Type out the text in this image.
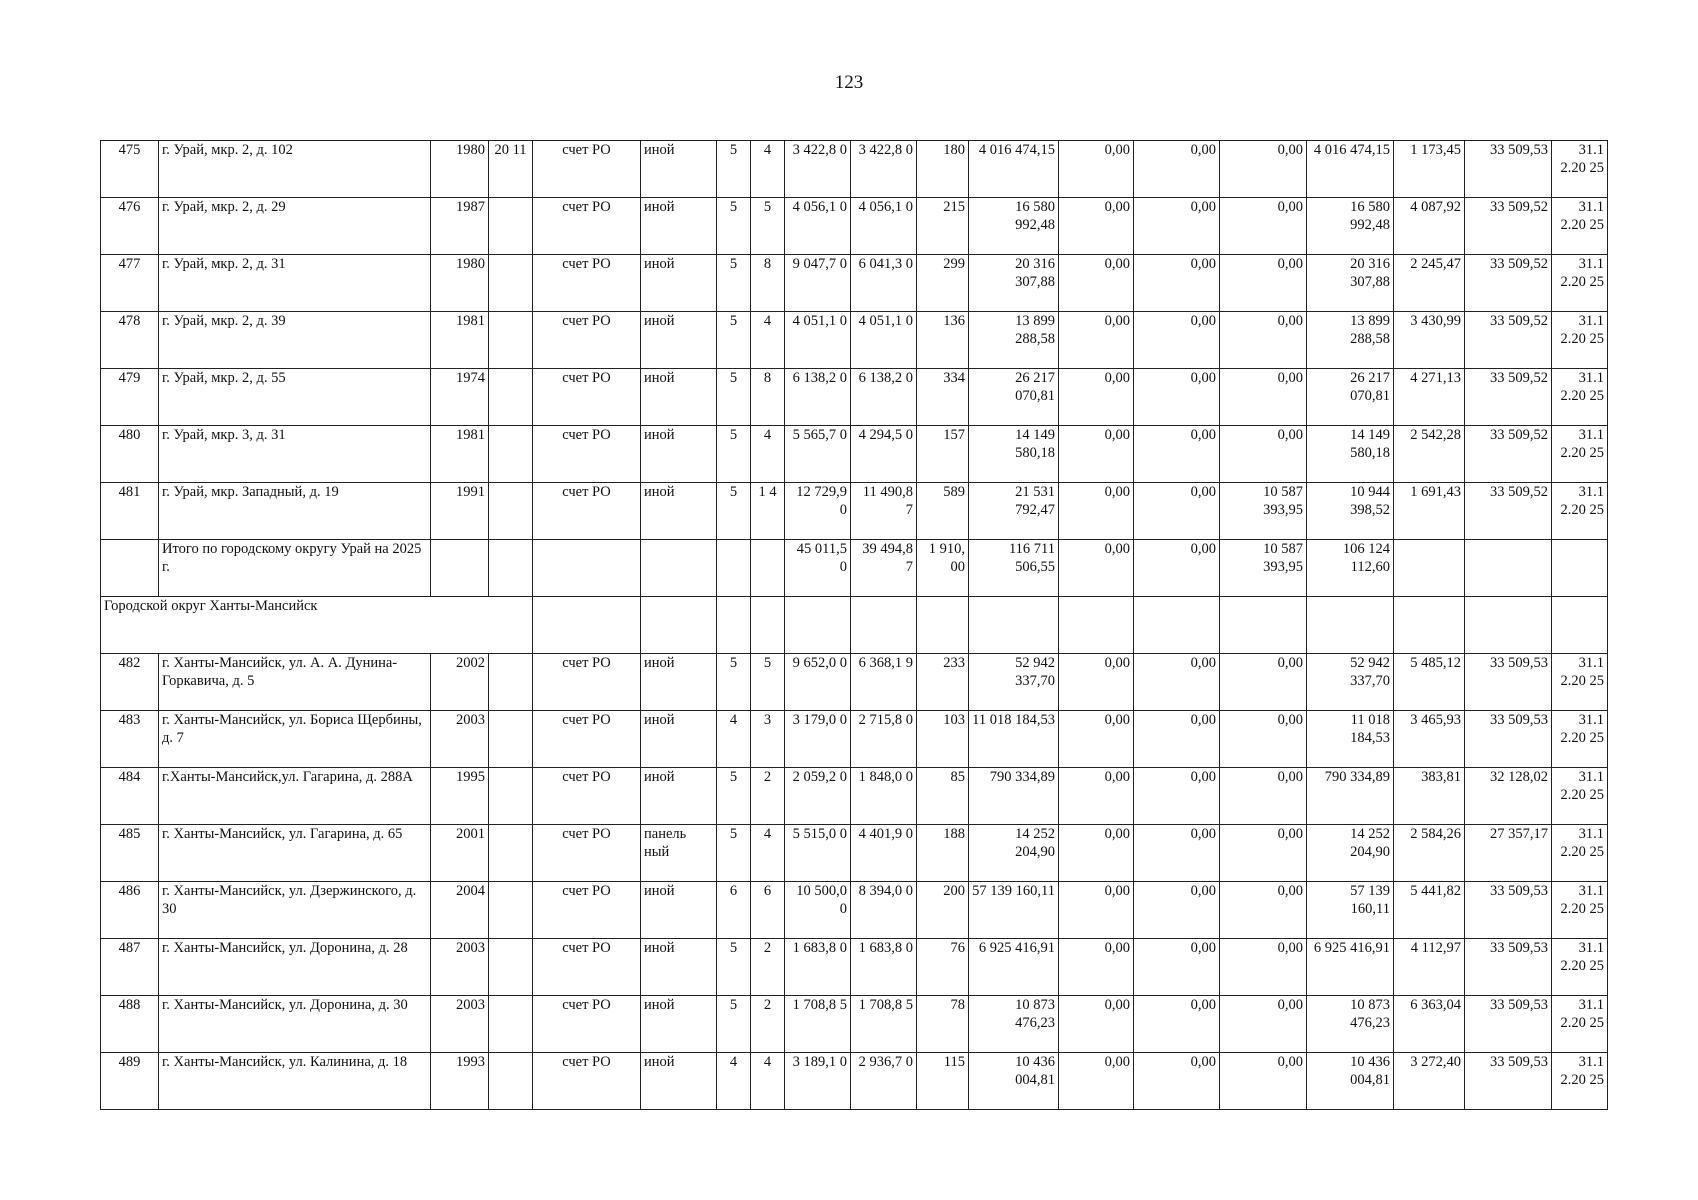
123
475	г. Урай, мкр. 2, д. 102	1980	20 11	счет РО	иной	5	4	3 422,8 0	3 422,8 0	180	4 016 474,15	0,00	0,00	0,00	4 016 474,15	1 173,45	33 509,53	31.1 2.20 25
476	г. Урай, мкр. 2, д. 29	1987		счет РО	иной	5	5	4 056,1 0	4 056,1 0	215	16 580 992,48	0,00	0,00	0,00	16 580 992,48	4 087,92	33 509,52	31.1 2.20 25
477	г. Урай, мкр. 2, д. 31	1980		счет РО	иной	5	8	9 047,7 0	6 041,3 0	299	20 316 307,88	0,00	0,00	0,00	20 316 307,88	2 245,47	33 509,52	31.1 2.20 25
478	г. Урай, мкр. 2, д. 39	1981		счет РО	иной	5	4	4 051,1 0	4 051,1 0	136	13 899 288,58	0,00	0,00	0,00	13 899 288,58	3 430,99	33 509,52	31.1 2.20 25
479	г. Урай, мкр. 2, д. 55	1974		счет РО	иной	5	8	6 138,2 0	6 138,2 0	334	26 217 070,81	0,00	0,00	0,00	26 217 070,81	4 271,13	33 509,52	31.1 2.20 25
480	г. Урай, мкр. 3, д. 31	1981		счет РО	иной	5	4	5 565,7 0	4 294,5 0	157	14 149 580,18	0,00	0,00	0,00	14 149 580,18	2 542,28	33 509,52	31.1 2.20 25
481	г. Урай, мкр. Западный, д. 19	1991		счет РО	иной	5	1 4	12 729,9 0	11 490,8 7	589	21 531 792,47	0,00	0,00	10 587 393,95	10 944 398,52	1 691,43	33 509,52	31.1 2.20 25
	Итого по городскому округу Урай на 2025 г.							45 011,5 0	39 494,8 7	1 910, 00	116 711 506,55	0,00	0,00	10 587 393,95	106 124 112,60			
Городской округ Ханты-Мансийск																		
482	г. Ханты-Мансийск, ул. А. А. Дунина-Горкавича, д. 5	2002		счет РО	иной	5	5	9 652,0 0	6 368,1 9	233	52 942 337,70	0,00	0,00	0,00	52 942 337,70	5 485,12	33 509,53	31.1 2.20 25
483	г. Ханты-Мансийск, ул. Бориса Щербины, д. 7	2003		счет РО	иной	4	3	3 179,0 0	2 715,8 0	103	11 018 184,53	0,00	0,00	0,00	11 018 184,53	3 465,93	33 509,53	31.1 2.20 25
484	г.Ханты-Мансийск,ул. Гагарина, д. 288А	1995		счет РО	иной	5	2	2 059,2 0	1 848,0 0	85	790 334,89	0,00	0,00	0,00	790 334,89	383,81	32 128,02	31.1 2.20 25
485	г. Ханты-Мансийск, ул. Гагарина, д. 65	2001		счет РО	панель ный	5	4	5 515,0 0	4 401,9 0	188	14 252 204,90	0,00	0,00	0,00	14 252 204,90	2 584,26	27 357,17	31.1 2.20 25
486	г. Ханты-Мансийск, ул. Дзержинского, д. 30	2004		счет РО	иной	6	6	10 500,0 0	8 394,0 0	200	57 139 160,11	0,00	0,00	0,00	57 139 160,11	5 441,82	33 509,53	31.1 2.20 25
487	г. Ханты-Мансийск, ул. Доронина, д. 28	2003		счет РО	иной	5	2	1 683,8 0	1 683,8 0	76	6 925 416,91	0,00	0,00	0,00	6 925 416,91	4 112,97	33 509,53	31.1 2.20 25
488	г. Ханты-Мансийск, ул. Доронина, д. 30	2003		счет РО	иной	5	2	1 708,8 5	1 708,8 5	78	10 873 476,23	0,00	0,00	0,00	10 873 476,23	6 363,04	33 509,53	31.1 2.20 25
489	г. Ханты-Мансийск, ул. Калинина, д. 18	1993		счет РО	иной	4	4	3 189,1 0	2 936,7 0	115	10 436 004,81	0,00	0,00	0,00	10 436 004,81	3 272,40	33 509,53	31.1 2.20 25
